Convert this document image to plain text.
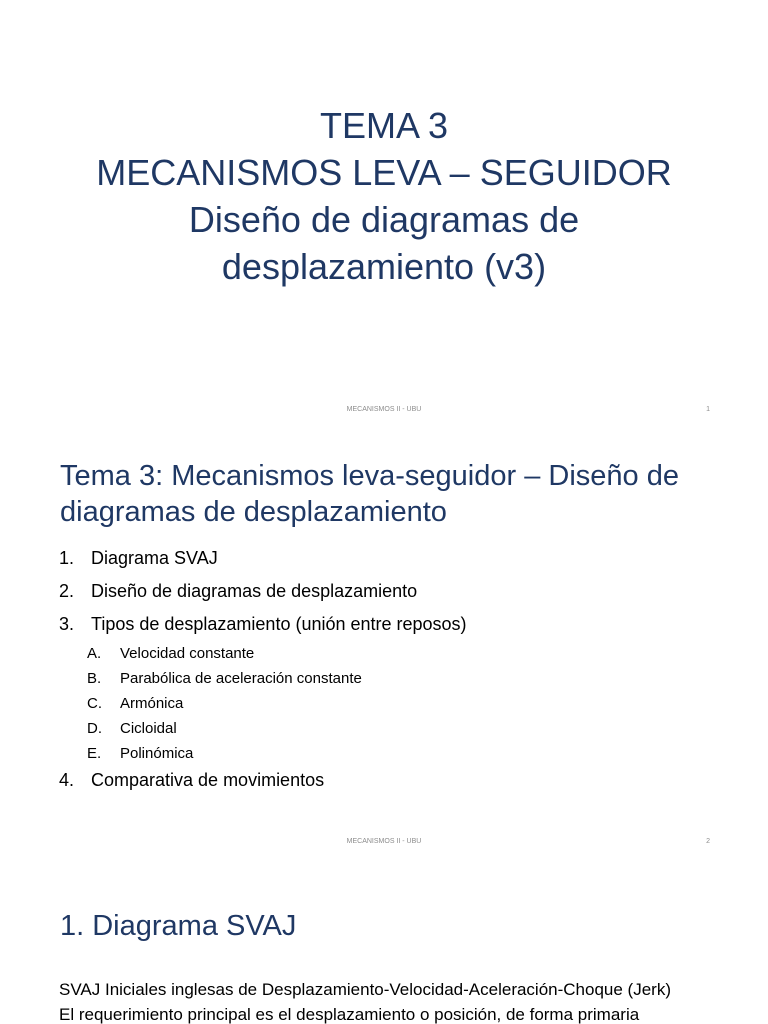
TEMA 3
MECANISMOS LEVA – SEGUIDOR
Diseño de diagramas de
desplazamiento (v3)
MECANISMOS II - UBU	1
Tema 3: Mecanismos leva-seguidor – Diseño de diagramas de desplazamiento
1. Diagrama SVAJ
2. Diseño de diagramas de desplazamiento
3. Tipos de desplazamiento (unión entre reposos)
A. Velocidad constante
B. Parabólica de aceleración constante
C. Armónica
D. Cicloidal
E. Polinómica
4. Comparativa de movimientos
MECANISMOS II - UBU	2
1. Diagrama SVAJ
SVAJ Iniciales inglesas de Desplazamiento-Velocidad-Aceleración-Choque (Jerk)
El requerimiento principal es el desplazamiento o posición, de forma primaria
